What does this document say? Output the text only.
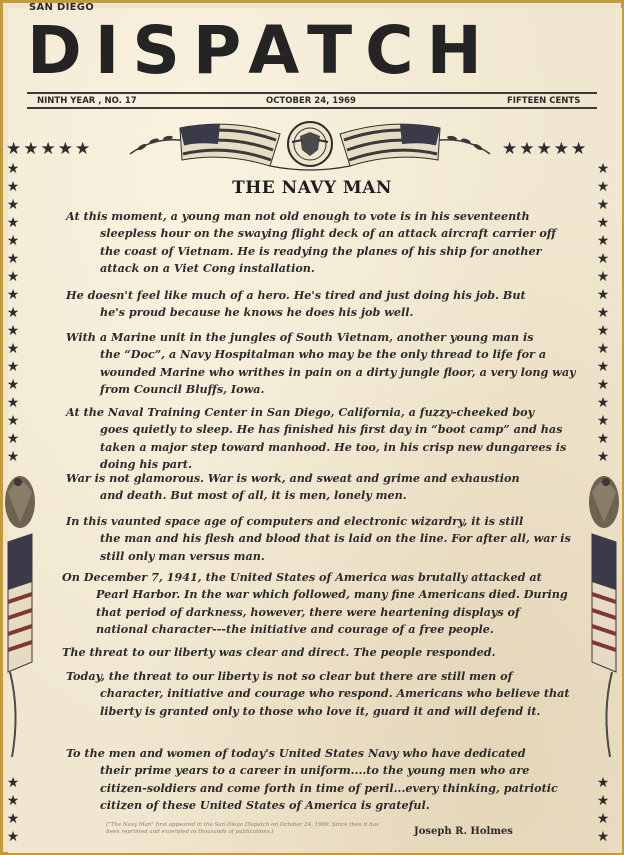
SAN DIEGO
DISPATCH
NINTH YEAR , NO. 17	OCTOBER 24, 1969	FIFTEEN CENTS
★★★★★	★★★★★
★
★
★
★
★
★
★
★
★
★
★
★
★
★
★
★
★
★
★
★
★
★
★
★
★
★
★
★
★
★
★
★
★
★
★
★
★
★
★
★
★
★
THE NAVY MAN
At this moment, a young man not old enough to vote is in his seventeenth
sleepless hour on the swaying flight deck of an attack aircraft carrier off the coast of Vietnam. He is readying the planes of his ship for another attack on a Viet Cong installation.
He doesn't feel like much of a hero. He's tired and just doing his job. But
he's proud because he knows he does his job well.
With a Marine unit in the jungles of South Vietnam, another young man is
the “Doc”, a Navy Hospitalman who may be the only thread to life for a wounded Marine who writhes in pain on a dirty jungle floor, a very long way from Council Bluffs, Iowa.
At the Naval Training Center in San Diego, California, a fuzzy-cheeked boy
goes quietly to sleep. He has finished his first day in “boot camp” and has taken a major step toward manhood. He too, in his crisp new dungarees is doing his part.
War is not glamorous. War is work, and sweat and grime and exhaustion
and death. But most of all, it is men, lonely men.
In this vaunted space age of computers and electronic wizardry, it is still
the man and his flesh and blood that is laid on the line. For after all, war is still only man versus man.
On December 7, 1941, the United States of America was brutally attacked at
Pearl Harbor. In the war which followed, many fine Americans died. During that period of darkness, however, there were heartening displays of national character---the initiative and courage of a free people.
The threat to our liberty was clear and direct. The people responded.
Today, the threat to our liberty is not so clear but there are still men of
character, initiative and courage who respond. Americans who believe that liberty is granted only to those who love it, guard it and will defend it.
To the men and women of today's United States Navy who have dedicated
their prime years to a career in uniform....to the young men who are citizen-soldiers and come forth in time of peril...every thinking, patriotic citizen of these United States of America is grateful.
("The Navy Man" first appeared in the San Diego Dispatch on October 24, 1969. Since then it has been reprinted and excerpted in thousands of publications.)	Joseph R. Holmes
